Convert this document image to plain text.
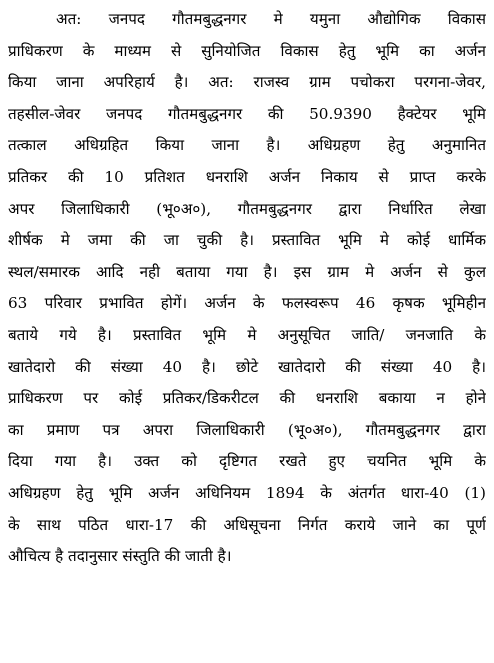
अत: जनपद गौतमबुद्धनगर मे यमुना औद्योगिक विकास
प्राधिकरण के माध्यम से सुनियोजित विकास हेतु भूमि का अर्जन
किया जाना अपरिहार्य है। अत: राजस्व ग्राम पचोकरा परगना-जेवर,
तहसील-जेवर जनपद गौतमबुद्धनगर की 50.9390 हैक्टेयर भूमि
तत्काल अधिग्रहित किया जाना है। अधिग्रहण हेतु अनुमानित
प्रतिकर की 10 प्रतिशत धनराशि अर्जन निकाय से प्राप्त करके
अपर जिलाधिकारी (भू०अ०), गौतमबुद्धनगर द्वारा निर्धारित लेखा
शीर्षक मे जमा की जा चुकी है। प्रस्तावित भूमि मे कोई धार्मिक
स्थल/समारक आदि नही बताया गया है। इस ग्राम मे अर्जन से कुल
63 परिवार प्रभावित होगें। अर्जन के फलस्वरूप 46 कृषक भूमिहीन
बताये गये है। प्रस्तावित भूमि मे अनुसूचित जाति/ जनजाति के
खातेदारो की संख्या 40 है। छोटे खातेदारो की संख्या 40 है।
प्राधिकरण पर कोई प्रतिकर/डिकरीटल की धनराशि बकाया न होने
का प्रमाण पत्र अपरा जिलाधिकारी (भू०अ०), गौतमबुद्धनगर द्वारा
दिया गया है। उक्त को दृष्टिगत रखते हुए चयनित भूमि के
अधिग्रहण हेतु भूमि अर्जन अधिनियम 1894 के अंतर्गत धारा-40 (1)
के साथ पठित धारा-17 की अधिसूचना निर्गत कराये जाने का पूर्ण
औचित्य है तदानुसार संस्तुति की जाती है।
